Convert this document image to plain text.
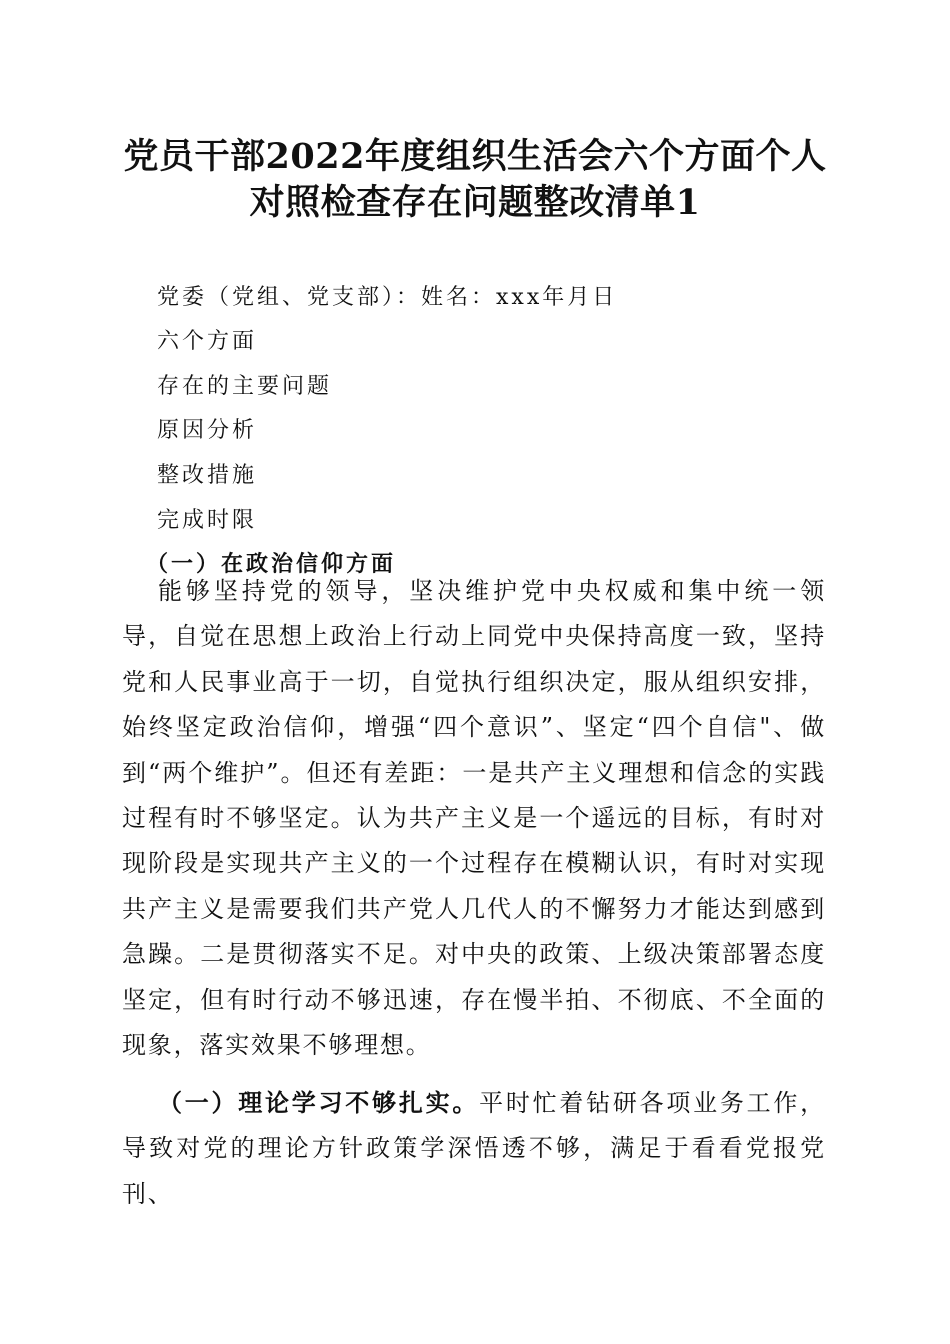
党员干部2022年度组织生活会六个方面个人
对照检查存在问题整改清单1
党委（党组、党支部）：姓名：xxx年月日
六个方面
存在的主要问题
原因分析
整改措施
完成时限
（一）在政治信仰方面
能够坚持党的领导，坚决维护党中央权威和集中统一领导，自觉在思想上政治上行动上同党中央保持高度一致，坚持党和人民事业高于一切，自觉执行组织决定，服从组织安排，始终坚定政治信仰，增强“四个意识”、坚定“四个自信"、做到“两个维护”。但还有差距：一是共产主义理想和信念的实践过程有时不够坚定。认为共产主义是一个遥远的目标，有时对现阶段是实现共产主义的一个过程存在模糊认识，有时对实现共产主义是需要我们共产党人几代人的不懈努力才能达到感到急躁。二是贯彻落实不足。对中央的政策、上级决策部署态度坚定，但有时行动不够迅速，存在慢半拍、不彻底、不全面的现象，落实效果不够理想。
（一）理论学习不够扎实。平时忙着钻研各项业务工作，导致对党的理论方针政策学深悟透不够，满足于看看党报党刊、
